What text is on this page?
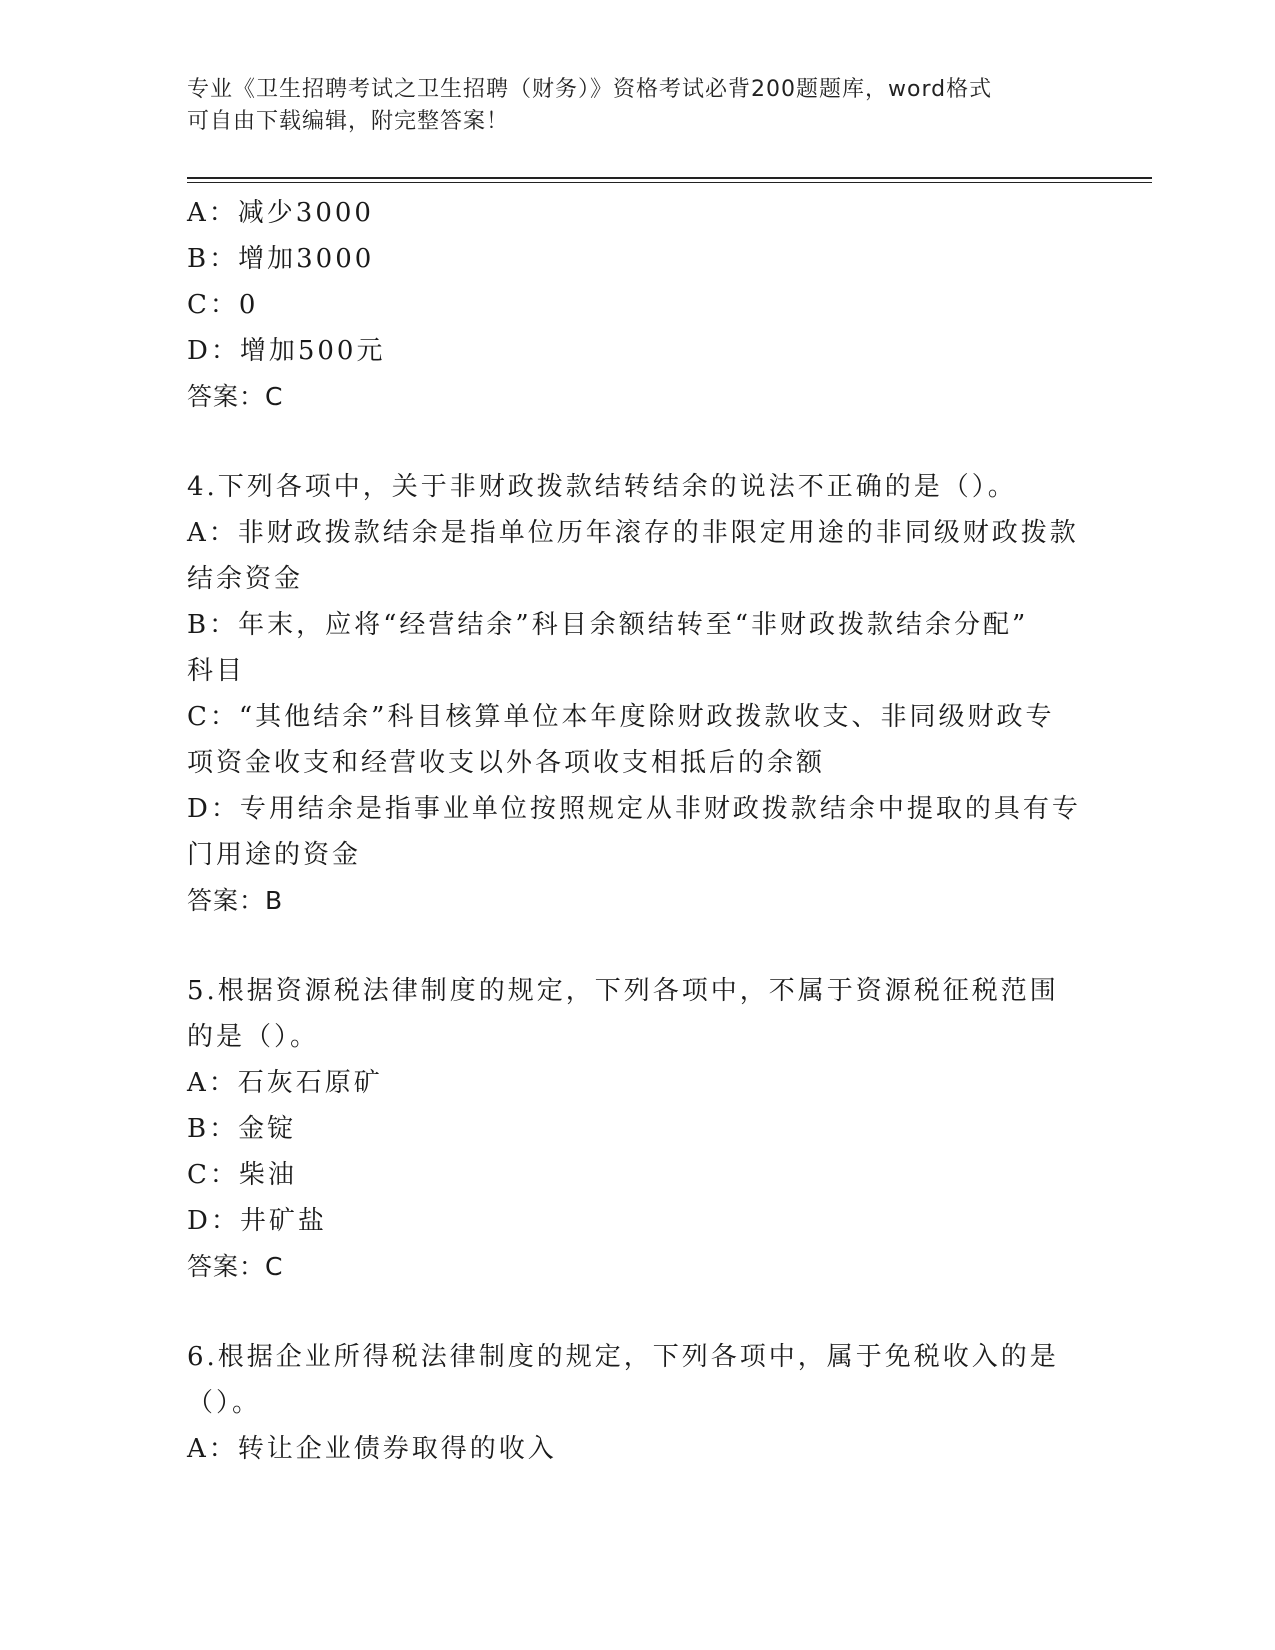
专业《卫生招聘考试之卫生招聘（财务）》资格考试必背200题题库，word格式
可自由下载编辑，附完整答案！
A：减少3000
B：增加3000
C：0
D：增加500元
答案：C
4.下列各项中，关于非财政拨款结转结余的说法不正确的是（）。
A：非财政拨款结余是指单位历年滚存的非限定用途的非同级财政拨款
结余资金
B：年末，应将“经营结余”科目余额结转至“非财政拨款结余分配”
科目
C：“其他结余”科目核算单位本年度除财政拨款收支、非同级财政专
项资金收支和经营收支以外各项收支相抵后的余额
D：专用结余是指事业单位按照规定从非财政拨款结余中提取的具有专
门用途的资金
答案：B
5.根据资源税法律制度的规定，下列各项中，不属于资源税征税范围
的是（）。
A：石灰石原矿
B：金锭
C：柴油
D：井矿盐
答案：C
6.根据企业所得税法律制度的规定，下列各项中，属于免税收入的是
（）。
A：转让企业债券取得的收入
